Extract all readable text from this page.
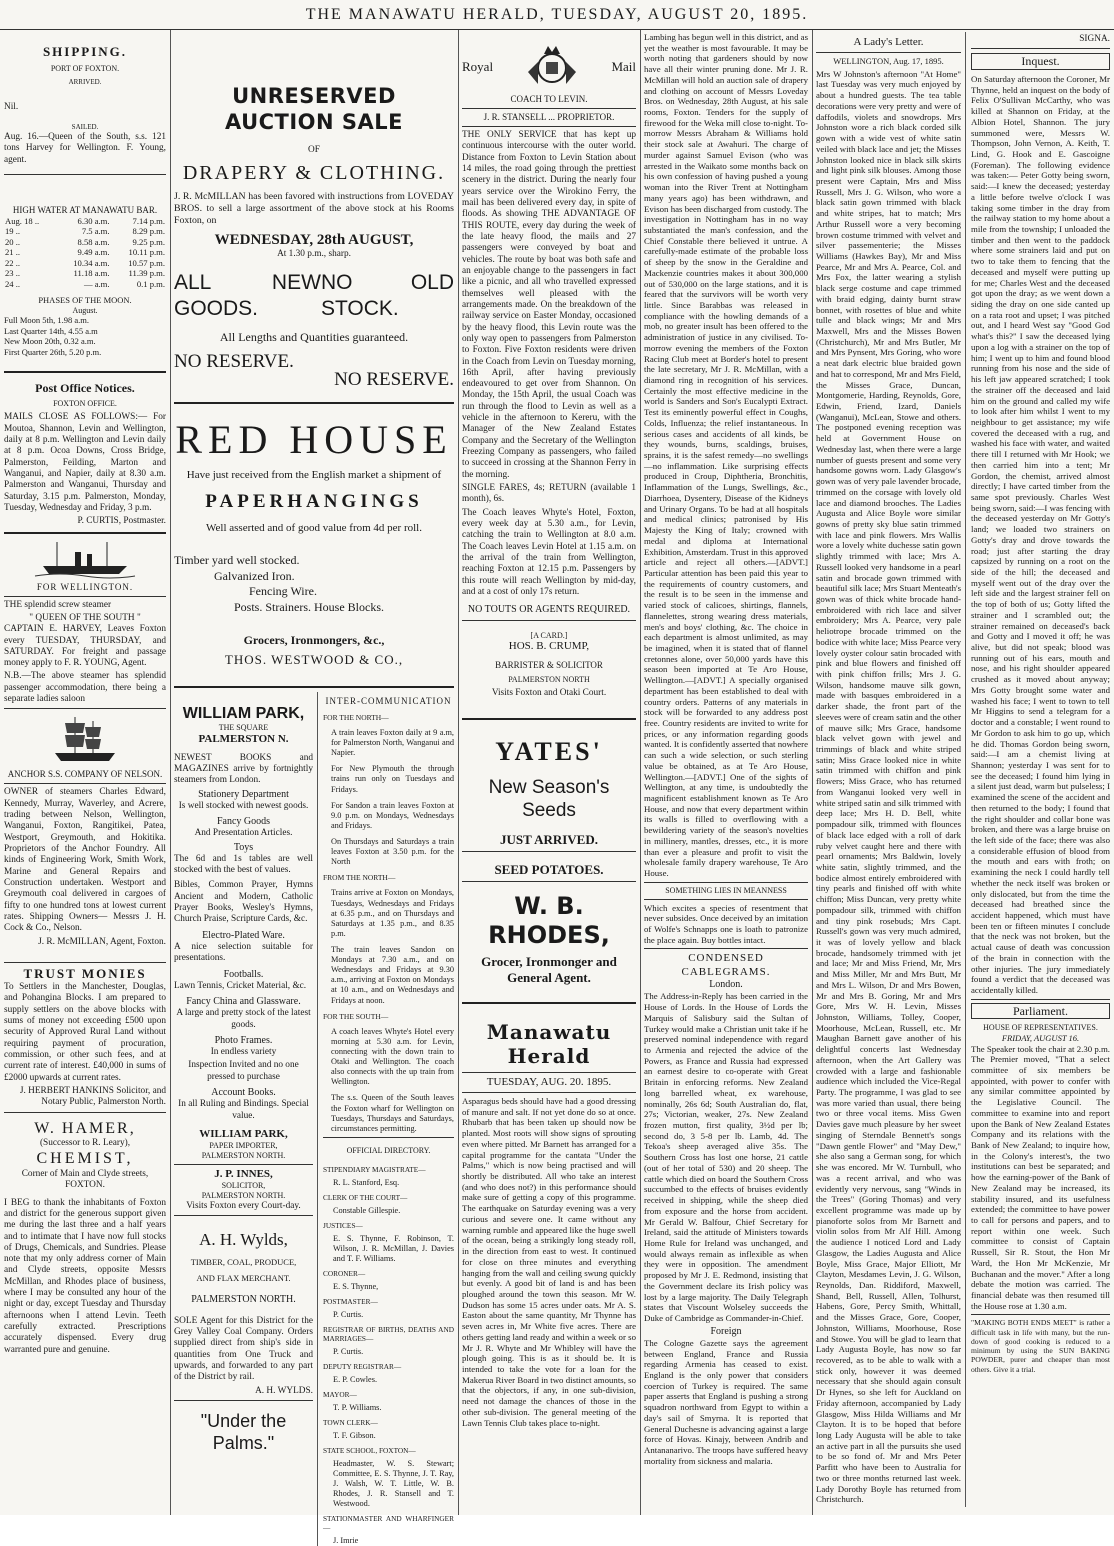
THE MANAWATU HERALD, TUESDAY, AUGUST 20, 1895.
SHIPPING.
PORT OF FOXTON.
ARRIVED.
Nil.
SAILED.

Aug. 16.—Queen of the South, s.s. 121 tons Harvey for Wellington. F. Young, agent.

HIGH WATER AT MANAWATU BAR.
Aug. 18 ..	6.30 a.m.	7.14 p.m.
19 ..	7.5 a.m.	8.29 p.m.
20 ..	8.58 a.m.	9.25 p.m.
21 ..	9.49 a.m.	10.11 p.m.
22 ..	10.34 a.m.	10.57 p.m.
23 ..	11.18 a.m.	11.39 p.m.
24 ..	— a.m.	0.1 p.m.
PHASES OF THE MOON.
August.
Full Moon 5th, 1.98 a.m.
Last Quarter 14th, 4.55 a.m
New Moon 20th, 0.32 a.m.
First Quarter 26th, 5.20 p.m.
Post Office Notices.
FOXTON OFFICE.

MAILS CLOSE AS FOLLOWS:— For Moutoa, Shannon, Levin and Wellington, daily at 8 p.m. Wellington and Levin daily at 8 p.m. Ocoa Downs, Cross Bridge, Palmerston, Feilding, Marton and Wanganui, and Napier, daily at 8.30 a.m. Palmerston and Wanganui, Thursday and Saturday, 3.15 p.m. Palmerston, Monday, Tuesday, Wednesday and Friday, 3 p.m.

P. CURTIS, Postmaster.

FOR WELLINGTON.

THE splendid screw steamer

" QUEEN OF THE SOUTH "

CAPTAIN E. HARVEY, Leaves Foxton every TUESDAY, THURSDAY, and SATURDAY. For freight and passage money apply to F. R. YOUNG, Agent.

N.B.—The above steamer has splendid passenger accommodation, there being a separate ladies saloon

ANCHOR S.S. COMPANY OF NELSON.

OWNER of steamers Charles Edward, Kennedy, Murray, Waverley, and Acrere, trading between Nelson, Wellington, Wanganui, Foxton, Rangitikei, Patea, Westport, Greymouth, and Hokitika. Proprietors of the Anchor Foundry. All kinds of Engineering Work, Smith Work, Marine and General Repairs and Construction undertaken. Westport and Greymouth coal delivered in cargoes of fifty to one hundred tons at lowest current rates. Shipping Owners— Messrs J. H. Cock & Co., Nelson.

J. R. McMILLAN, Agent, Foxton.

TRUST MONIES

To Settlers in the Manchester, Douglas, and Pohangina Blocks. I am prepared to supply settlers on the above blocks with sums of money not exceeding £500 upon security of Approved Rural Land without requiring payment of procuration, commission, or other such fees, and at current rate of interest. £40,000 in sums of £2000 upwards at current rates.

J. HERBERT HANKINS Solicitor, and Notary Public, Palmerston North.

W. HAMER,
(Successor to R. Leary),
CHEMIST,
Corner of Main and Clyde streets, FOXTON.

I BEG to thank the inhabitants of Foxton and district for the generous support given me during the last three and a half years and to intimate that I have now full stocks of Drugs, Chemicals, and Sundries. Please note that my only address corner of Main and Clyde streets, opposite Messrs McMillan, and Rhodes place of business, where I may be consulted any hour of the night or day, except Tuesday and Thursday afternoons when I attend Levin. Teeth carefully extracted. Prescriptions accurately dispensed. Every drug warranted pure and genuine.

UNRESERVED AUCTION SALE
OF
DRAPERY & CLOTHING.

J. R. McMILLAN has been favored with instructions from LOVEDAY BROS. to sell a large assortment of the above stock at his Rooms Foxton, on

WEDNESDAY, 28th AUGUST,
At 1.30 p.m., sharp.
ALL NEW GOODS.
NO OLD STOCK.
All Lengths and Quantities guaranteed.
NO RESERVE.
NO RESERVE.
RED HOUSE
Have just received from the English market a shipment of
PAPERHANGINGS
Well asserted and of good value from 4d per roll.
Timber yard well stocked.
Galvanized Iron.
Fencing Wire.
Posts. Strainers. House Blocks.
Grocers, Ironmongers, &c.,
THOS. WESTWOOD & CO.,
WILLIAM PARK,
THE SQUARE
PALMERSTON N.

NEWEST BOOKS and MAGAZINES arrive by fortnightly steamers from London.

Stationery Department

Is well stocked with newest goods.

Fancy Goods

And Presentation Articles.

Toys

The 6d and 1s tables are well stocked with the best of values.

Bibles, Common Prayer, Hymns Ancient and Modern, Catholic Prayer Books, Wesley's Hymns, Church Praise, Scripture Cards, &c.

Electro-Plated Ware.

A nice selection suitable for presentations.

Footballs.

Lawn Tennis, Cricket Material, &c.

Fancy China and Glassware.

A large and pretty stock of the latest goods.

Photo Frames.

In endless variety

Inspection Invited and no one pressed to purchase

Account Books.

In all Ruling and Bindings. Special value.

WILLIAM PARK,
PAPER IMPORTER,
PALMERSTON NORTH.
J. P. INNES,
SOLICITOR,
PALMERSTON NORTH.
Visits Foxton every Court-day.
A. H. Wylds,
TIMBER, COAL, PRODUCE,
AND FLAX MERCHANT.
PALMERSTON NORTH.

SOLE Agent for this District for the Grey Valley Coal Company. Orders supplied direct from ship's side in quantities from One Truck and upwards, and forwarded to any part of the District by rail.

A. H. WYLDS.

"Under the Palms."
INTER-COMMUNICATION
FOR THE NORTH—

A train leaves Foxton daily at 9 a.m, for Palmerston North, Wanganui and Napier.

For New Plymouth the through trains run only on Tuesdays and Fridays.

For Sandon a train leaves Foxton at 9.0 p.m. on Mondays, Wednesdays and Fridays.

On Thursdays and Saturdays a train leaves Foxton at 3.50 p.m. for the North

FROM THE NORTH—

Trains arrive at Foxton on Mondays, Tuesdays, Wednesdays and Fridays at 6.35 p.m., and on Thursdays and Saturdays at 1.35 p.m., and 8.35 p.m.

The train leaves Sandon on Mondays at 7.30 a.m., and on Wednesdays and Fridays at 9.30 a.m., arriving at Foxton on Mondays at 10 a.m., and on Wednesdays and Fridays at noon.

FOR THE SOUTH—

A coach leaves Whyte's Hotel every morning at 5.30 a.m. for Levin, connecting with the down train to Otaki and Wellington. The coach also connects with the up train from Wellington.

The s.s. Queen of the South leaves the Foxton wharf for Wellington on Tuesdays, Thursdays and Saturdays, circumstances permitting.

OFFICIAL DIRECTORY.
STIPENDIARY MAGISTRATE—
R. L. Stanford, Esq.
CLERK OF THE COURT—
Constable Gillespie.
JUSTICES—
E. S. Thynne, F. Robinson, T. Wilson, J. R. McMillan, J. Davies and T. F. Williams.
CORONER—
E. S. Thynne,
POSTMASTER—
P. Curtis.
REGISTRAR OF BIRTHS, DEATHS AND MARRIAGES—
P. Curtis.
DEPUTY REGISTRAR—
E. P. Cowles.
MAYOR—
T. P. Williams.
TOWN CLERK—
T. F. Gibson.
STATE SCHOOL, FOXTON—
Headmaster, W. S. Stewart; Committee, E. S. Thynne, J. T. Ray, J. Walsh, W. T. Little, W. B. Rhodes, J. R. Stansell and T. Westwood.
STATIONMASTER AND WHARFINGER—
J. Imrie
Royal	Mail
COACH TO LEVIN.
J. R. STANSELL ... PROPRIETOR.

THE ONLY SERVICE that has kept up continuous intercourse with the outer world. Distance from Foxton to Levin Station about 14 miles, the road going through the prettiest scenery in the district. During the nearly four years service over the Wirokino Ferry, the mail has been delivered every day, in spite of floods. As showing THE ADVANTAGE OF THIS ROUTE, every day during the week of the late heavy flood, the mails and 27 passengers were conveyed by boat and vehicles. The route by boat was both safe and an enjoyable change to the passengers in fact like a picnic, and all who travelled expressed themselves well pleased with the arrangements made. On the breakdown of the railway service on Easter Monday, occasioned by the heavy flood, this Levin route was the only way open to passengers from Palmerston to Foxton. Five Foxton residents were driven in the Coach from Levin on Tuesday morning, 16th April, after having previously endeavoured to get over from Shannon. On Monday, the 15th April, the usual Coach was run through the flood to Levin as well as a vehicle in the afternoon to Kereru, with the Manager of the New Zealand Estates Company and the Secretary of the Wellington Freezing Company as passengers, who failed to succeed in crossing at the Shannon Ferry in the morning.

SINGLE FARES, 4s; RETURN (available 1 month), 6s.

The Coach leaves Whyte's Hotel, Foxton, every week day at 5.30 a.m., for Levin, catching the train to Wellington at 8.0 a.m. The Coach leaves Levin Hotel at 1.15 a.m. on the arrival of the train from Wellington, reaching Foxton at 12.15 p.m. Passengers by this route will reach Wellington by mid-day, and at a cost of only 17s return.

NO TOUTS OR AGENTS REQUIRED.
[A CARD.]
HOS. B. CRUMP,
BARRISTER & SOLICITOR
PALMERSTON NORTH
Visits Foxton and Otaki Court.
YATES'
New Season's Seeds
JUST ARRIVED.
SEED POTATOES.
W. B. RHODES,
Grocer, Ironmonger and General Agent.
Manawatu Herald
TUESDAY, AUG. 20. 1895.

Asparagus beds should have had a good dressing of manure and salt. If not yet done do so at once. Rhubarb that has been taken up should now be planted. Most roots will show signs of sprouting even where pitted. Mr Barnett has arranged for a capital programme for the cantata "Under the Palms," which is now being practised and will shortly be distributed. All who take an interest (and who does not?) in this performance should make sure of getting a copy of this programme. The earthquake on Saturday evening was a very curious and severe one. It came without any warning rumble and appeared like the huge swell of the ocean, being a strikingly long steady roll, in the direction from east to west. It continued for close on three minutes and everything hanging from the wall and ceiling swung quickly but evenly. A good bit of land is and has been ploughed around the town this season. Mr W. Dudson has some 15 acres under oats. Mr A. S. Easton about the same quantity, Mr Thynne has seven acres in, Mr White five acres. There are others getting land ready and within a week or so Mr J. R. Whyte and Mr Whibley will have the plough going. This is as it should be. It is intended to take the vote for a loan for the Makerua River Board in two distinct amounts, so that the objectors, if any, in one sub-division, need not damage the chances of those in the other sub-division. The general meeting of the Lawn Tennis Club takes place to-night.

Lambing has begun well in this district, and as yet the weather is most favourable. It may be worth noting that gardeners should by now have all their winter pruning done. Mr J. R. McMillan will hold an auction sale of drapery and clothing on account of Messrs Loveday Bros. on Wednesday, 28th August, at his sale rooms, Foxton. Tenders for the supply of firewood for the Weka mill close to-night. To-morrow Messrs Abraham & Williams hold their stock sale at Awahuri. The charge of murder against Samuel Evison (who was arrested in the Waikato some months back on his own confession of having pushed a young woman into the River Trent at Nottingham many years ago) has been withdrawn, and Evison has been discharged from custody. The investigation in Nottingham has in no way substantiated the man's confession, and the Chief Constable there believed it untrue. A carefully-made estimate of the probable loss of sheep by the snow in the Geraldine and Mackenzie countries makes it about 300,000 out of 530,000 on the large stations, and it is feared that the survivors will be worth very little. Since Barabbas was released in compliance with the howling demands of a mob, no greater insult has been offered to the administration of justice in any civilised. To-morrow evening the members of the Foxton Racing Club meet at Border's hotel to present the late secretary, Mr J. R. McMillan, with a diamond ring in recognition of his services. Certainly the most effective medicine in the world is Sanders and Son's Eucalypti Extract. Test its eminently powerful effect in Coughs, Colds, Influenza; the relief instantaneous. In serious cases and accidents of all kinds, be they wounds, burns, scaldings, bruises, sprains, it is the safest remedy—no swellings—no inflammation. Like surprising effects produced in Croup, Diphtheria, Bronchitis, Inflammation of the Lungs, Swellings, &c., Diarrhoea, Dysentery, Disease of the Kidneys and Urinary Organs. To be had at all hospitals and medical clinics; patronised by His Majesty the King of Italy; crowned with medal and diploma at International Exhibition, Amsterdam. Trust in this approved article and reject all others.—[ADVT.] Particular attention has been paid this year to the requirements of country customers, and the result is to be seen in the immense and varied stock of calicoes, shirtings, flannels, flannelettes, strong wearing dress materials, men's and boys' clothing, &c. The choice in each department is almost unlimited, as may be imagined, when it is stated that of flannel cretonnes alone, over 50,000 yards have this season been imported at Te Aro House, Wellington.—[ADVT.] A specially organised department has been established to deal with country orders. Patterns of any materials in stock will be forwarded to any address post free. Country residents are invited to write for prices, or any information regarding goods wanted. It is confidently asserted that nowhere can such a wide selection, or such sterling value be obtained, as at Te Aro House, Wellington.—[ADVT.] One of the sights of Wellington, at any time, is undoubtedly the magnificent establishment known as Te Aro House, and now that every department within its walls is filled to overflowing with a bewildering variety of the season's novelties in millinery, mantles, dresses, etc., it is more than ever a pleasure and profit to visit the wholesale family drapery warehouse, Te Aro House.

SOMETHING LIES IN MEANNESS

Which excites a species of resentment that never subsides. Once deceived by an imitation of Wolfe's Schnapps one is loath to patronize the place again. Buy bottles intact.

CONDENSED CABLEGRAMS.
London.

The Address-in-Reply has been carried in the House of Lords. In the House of Lords the Marquis of Salisbury said the Sultan of Turkey would make a Christian unit take if he preserved nominal independence with regard to Armenia and rejected the advice of the Powers, as France and Russia had expressed an earnest desire to co-operate with Great Britain in enforcing reforms. New Zealand long barrelled wheat, ex warehouse, nominally, 26s 6d; South Australian do, flat, 27s; Victorian, weaker, 27s. New Zealand frozen mutton, first quality, 3½d per lb; second do, 3 5-8 per lb. Lamb, 4d. The Tekoa's sheep averaged alive 35s. The Southern Cross has lost one horse, 21 cattle (out of her total of 530) and 20 sheep. The cattle which died on board the Southern Cross succumbed to the effects of bruises evidently received in shipping, while the sheep died from exposure and the horse from accident. Mr Gerald W. Balfour, Chief Secretary for Ireland, said the attitude of Ministers towards Home Rule for Ireland was unchanged, and would always remain as inflexible as when they were in opposition. The amendment proposed by Mr J. E. Redmond, insisting that the Government declare its Irish policy was lost by a large majority. The Daily Telegraph states that Viscount Wolseley succeeds the Duke of Cambridge as Commander-in-Chief.

Foreign

The Cologne Gazette says the agreement between England, France and Russia regarding Armenia has ceased to exist. England is the only power that considers coercion of Turkey is required. The same paper asserts that England is pushing a strong squadron northward from Egypt to within a day's sail of Smyrna. It is reported that General Duchesne is advancing against a large force of Hovas. Kinajy, between Andrib and Antananarivo. The troops have suffered heavy mortality from sickness and malaria.

A Lady's Letter.

WELLINGTON, Aug. 17, 1895.

Mrs W Johnston's afternoon "At Home" last Tuesday was very much enjoyed by about a hundred guests. The tea table decorations were very pretty and were of daffodils, violets and snowdrops. Mrs Johnston wore a rich black corded silk gown with a wide vest of white satin veiled with black lace and jet; the Misses Johnston looked nice in black silk skirts and light pink silk blouses. Among those present were Captain, Mrs and Miss Russell, Mrs J. G. Wilson, who wore a black satin gown trimmed with black and white stripes, hat to match; Mrs Arthur Russell wore a very becoming brown costume trimmed with velvet and silver passementerie; the Misses Williams (Hawkes Bay), Mr and Miss Pearce, Mr and Mrs A. Pearce, Col. and Mrs Fox, the latter wearing a stylish black serge costume and cape trimmed with braid edging, dainty burnt straw bonnet, with rosettes of blue and white tulle and black wings; Mr and Mrs Maxwell, Mrs and the Misses Bowen (Christchurch), Mr and Mrs Butler, Mr and Mrs Pynsent, Mrs Goring, who wore a neat dark electric blue braided gown and hat to correspond, Mr and Mrs Field, the Misses Grace, Duncan, Montgomerie, Harding, Reynolds, Gore, Edwin, Friend, Izard, Daniels (Wanganui), McLean, Stowe and others. The postponed evening reception was held at Government House on Wednesday last, when there were a large number of guests present and some very handsome gowns worn. Lady Glasgow's gown was of very pale lavender brocade, trimmed on the corsage with lovely old lace and diamond brooches. The Ladies Augusta and Alice Boyle wore similar gowns of pretty sky blue satin trimmed with lace and pink flowers. Mrs Wallis wore a lovely white duchesse satin gown slightly trimmed with lace; Mrs A. Russell looked very handsome in a pearl satin and brocade gown trimmed with beautiful silk lace; Mrs Stuart Menteath's gown was of thick white brocade hand-embroidered with rich lace and silver embroidery; Mrs A. Pearce, very pale heliotrope brocade trimmed on the bodice with white lace; Miss Pearce very lovely oyster colour satin brocaded with pink and blue flowers and finished off with pink chiffon frills; Mrs J. G. Wilson, handsome mauve silk gown, made with basques embroidered in a darker shade, the front part of the sleeves were of cream satin and the other of mauve silk; Mrs Grace, handsome black velvet gown with jewel and trimmings of black and white striped satin; Miss Grace looked nice in white satin trimmed with chiffon and pink flowers; Miss Grace, who has returned from Wanganui looked very well in white striped satin and silk trimmed with deep lace; Mrs H. D. Bell, white pompadour silk, trimmed with flounces of black lace edged with a roll of dark ruby velvet caught here and there with pearl ornaments; Mrs Baldwin, lovely white satin, slightly trimmed, and the bodice almost entirely embroidered with tiny pearls and finished off with white chiffon; Miss Duncan, very pretty white pompadour silk, trimmed with chiffon and tiny pink rosebuds; Mrs Capt. Russell's gown was very much admired, it was of lovely yellow and black brocade, handsomely trimmed with jet and lace; Mr and Miss Friend, Mr, Mrs and Miss Miller, Mr and Mrs Butt, Mr and Mrs L. Wilson, Dr and Mrs Bowen, Mr and Mrs B. Goring, Mr and Mrs Gore, Mrs W. H. Levin, Misses Johnston, Williams, Tolley, Cooper, Moorhouse, McLean, Russell, etc. Mr Maughan Barnett gave another of his delightful concerts last Wednesday afternoon, when the Art Gallery was crowded with a large and fashionable audience which included the Vice-Regal Party. The programme, I was glad to see was more varied than usual, there being two or three vocal items. Miss Gwen Davies gave much pleasure by her sweet singing of Sterndale Bennett's songs "Dawn gentle Flower" and "May Dew," she also sang a German song, for which she was encored. Mr W. Turnbull, who was a recent arrival, and who was evidently very nervous, sang "Winds in the Trees" (Goring Thomas) and very excellent programme was made up by pianoforte solos from Mr Barnett and violin solos from Mr Alf Hill. Among the audience I noticed Lord and Lady Glasgow, the Ladies Augusta and Alice Boyle, Miss Grace, Major Elliott, Mr Clayton, Mesdames Levin, J. G. Wilson, Reynolds, Dan. Riddiford, Maxwell, Shand, Bell, Russell, Allen, Tolhurst, Habens, Gore, Percy Smith, Whittall, and the Misses Grace, Gore, Cooper, Johnston, Williams, Moorhouse, Rose and Stowe. You will be glad to learn that Lady Augusta Boyle, has now so far recovered, as to be able to walk with a stick only, however it was deemed necessary that she should again consult Dr Hynes, so she left for Auckland on Friday afternoon, accompanied by Lady Glasgow, Miss Hilda Williams and Mr Clayton. It is to be hoped that before long Lady Augusta will be able to take an active part in all the pursuits she used to be so fond of. Mr and Mrs Peter Parfitt who have been to Australia for two or three months returned last week. Lady Dorothy Boyle has returned from Christchurch.

SIGNA.

Inquest.

On Saturday afternoon the Coroner, Mr Thynne, held an inquest on the body of Felix O'Sullivan McCarthy, who was killed at Shannon on Friday, at the Albion Hotel, Shannon. The jury summoned were, Messrs W. Thompson, John Vernon, A. Keith, T. Lind, G. Hook and E. Gascoigne (Foreman). The following evidence was taken:— Peter Gotty being sworn, said:—I knew the deceased; yesterday a little before twelve o'clock I was taking some timber in the dray from the railway station to my home about a mile from the township; I unloaded the timber and then went to the paddock where some strainers laid and put on two to take them to fencing that the deceased and myself were putting up for me; Charles West and the deceased got upon the dray; as we went down a siding the dray on one side canted up on a rata root and upset; I was pitched out, and I heard West say "Good God what's this?" I saw the deceased lying upon a log with a strainer on the top of him; I went up to him and found blood running from his nose and the side of his left jaw appeared scratched; I took the strainer off the deceased and laid him on the ground and called my wife to look after him whilst I went to my neighbour to get assistance; my wife covered the deceased with a rug, and washed his face with water, and waited there till I returned with Mr Hook; we then carried him into a tent; Mr Gordon, the chemist, arrived almost directly; I have carted timber from the same spot previously. Charles West being sworn, said:—I was fencing with the deceased yesterday on Mr Gotty's land; we loaded two strainers on Gotty's dray and drove towards the road; just after starting the dray capsized by running on a root on the side of the hill; the deceased and myself went out of the dray over the left side and the largest strainer fell on the top of both of us; Gotty lifted the strainer and I scrambled out; the strainer remained on deceased's back and Gotty and I moved it off; he was alive, but did not speak; blood was running out of his ears, mouth and nose, and his right shoulder appeared crushed as it moved about anyway; Mrs Gotty brought some water and washed his face; I went to town to tell Mr Higgins to send a telegram for a doctor and a constable; I went round to Mr Gordon to ask him to go up, which he did. Thomas Gordon being sworn, said:—I am a chemist living at Shannon; yesterday I was sent for to see the deceased; I found him lying in a silent just dead, warm but pulseless; I examined the scene of the accident and then returned to the body; I found that the right shoulder and collar bone was broken, and there was a large bruise on the left side of the face; there was also a considerable effusion of blood from the mouth and ears with froth; on examining the neck I could hardly tell whether the neck itself was broken or only dislocated, but from the time the deceased had breathed since the accident happened, which must have been ten or fifteen minutes I conclude that the neck was not broken, but the actual cause of death was concussion of the brain in connection with the other injuries. The jury immediately found a verdict that the deceased was accidentally killed.

Parliament.
HOUSE OF REPRESENTATIVES.
FRIDAY, AUGUST 16.

The Speaker took the chair at 2.30 p.m. The Premier moved, "That a select committee of six members be appointed, with power to confer with any similar committee appointed by the Legislative Council. The committee to examine into and report upon the Bank of New Zealand Estates Company and its relations with the Bank of New Zealand; to inquire how, in the Colony's interest's, the two institutions can best be separated; and how the earning-power of the Bank of New Zealand may be increased, its stability insured, and its usefulness extended; the committee to have power to call for persons and papers, and to report within one week. Such committee to consist of Captain Russell, Sir R. Stout, the Hon Mr Ward, the Hon Mr McKenzie, Mr Buchanan and the mover." After a long debate the motion was carried. The financial debate was then resumed till the House rose at 1.30 a.m.

"MAKING BOTH ENDS MEET" is rather a difficult task in life with many, but the run-down of good cooking is reduced to a minimum by using the SUN BAKING POWDER, purer and cheaper than most others. Give it a trial.
